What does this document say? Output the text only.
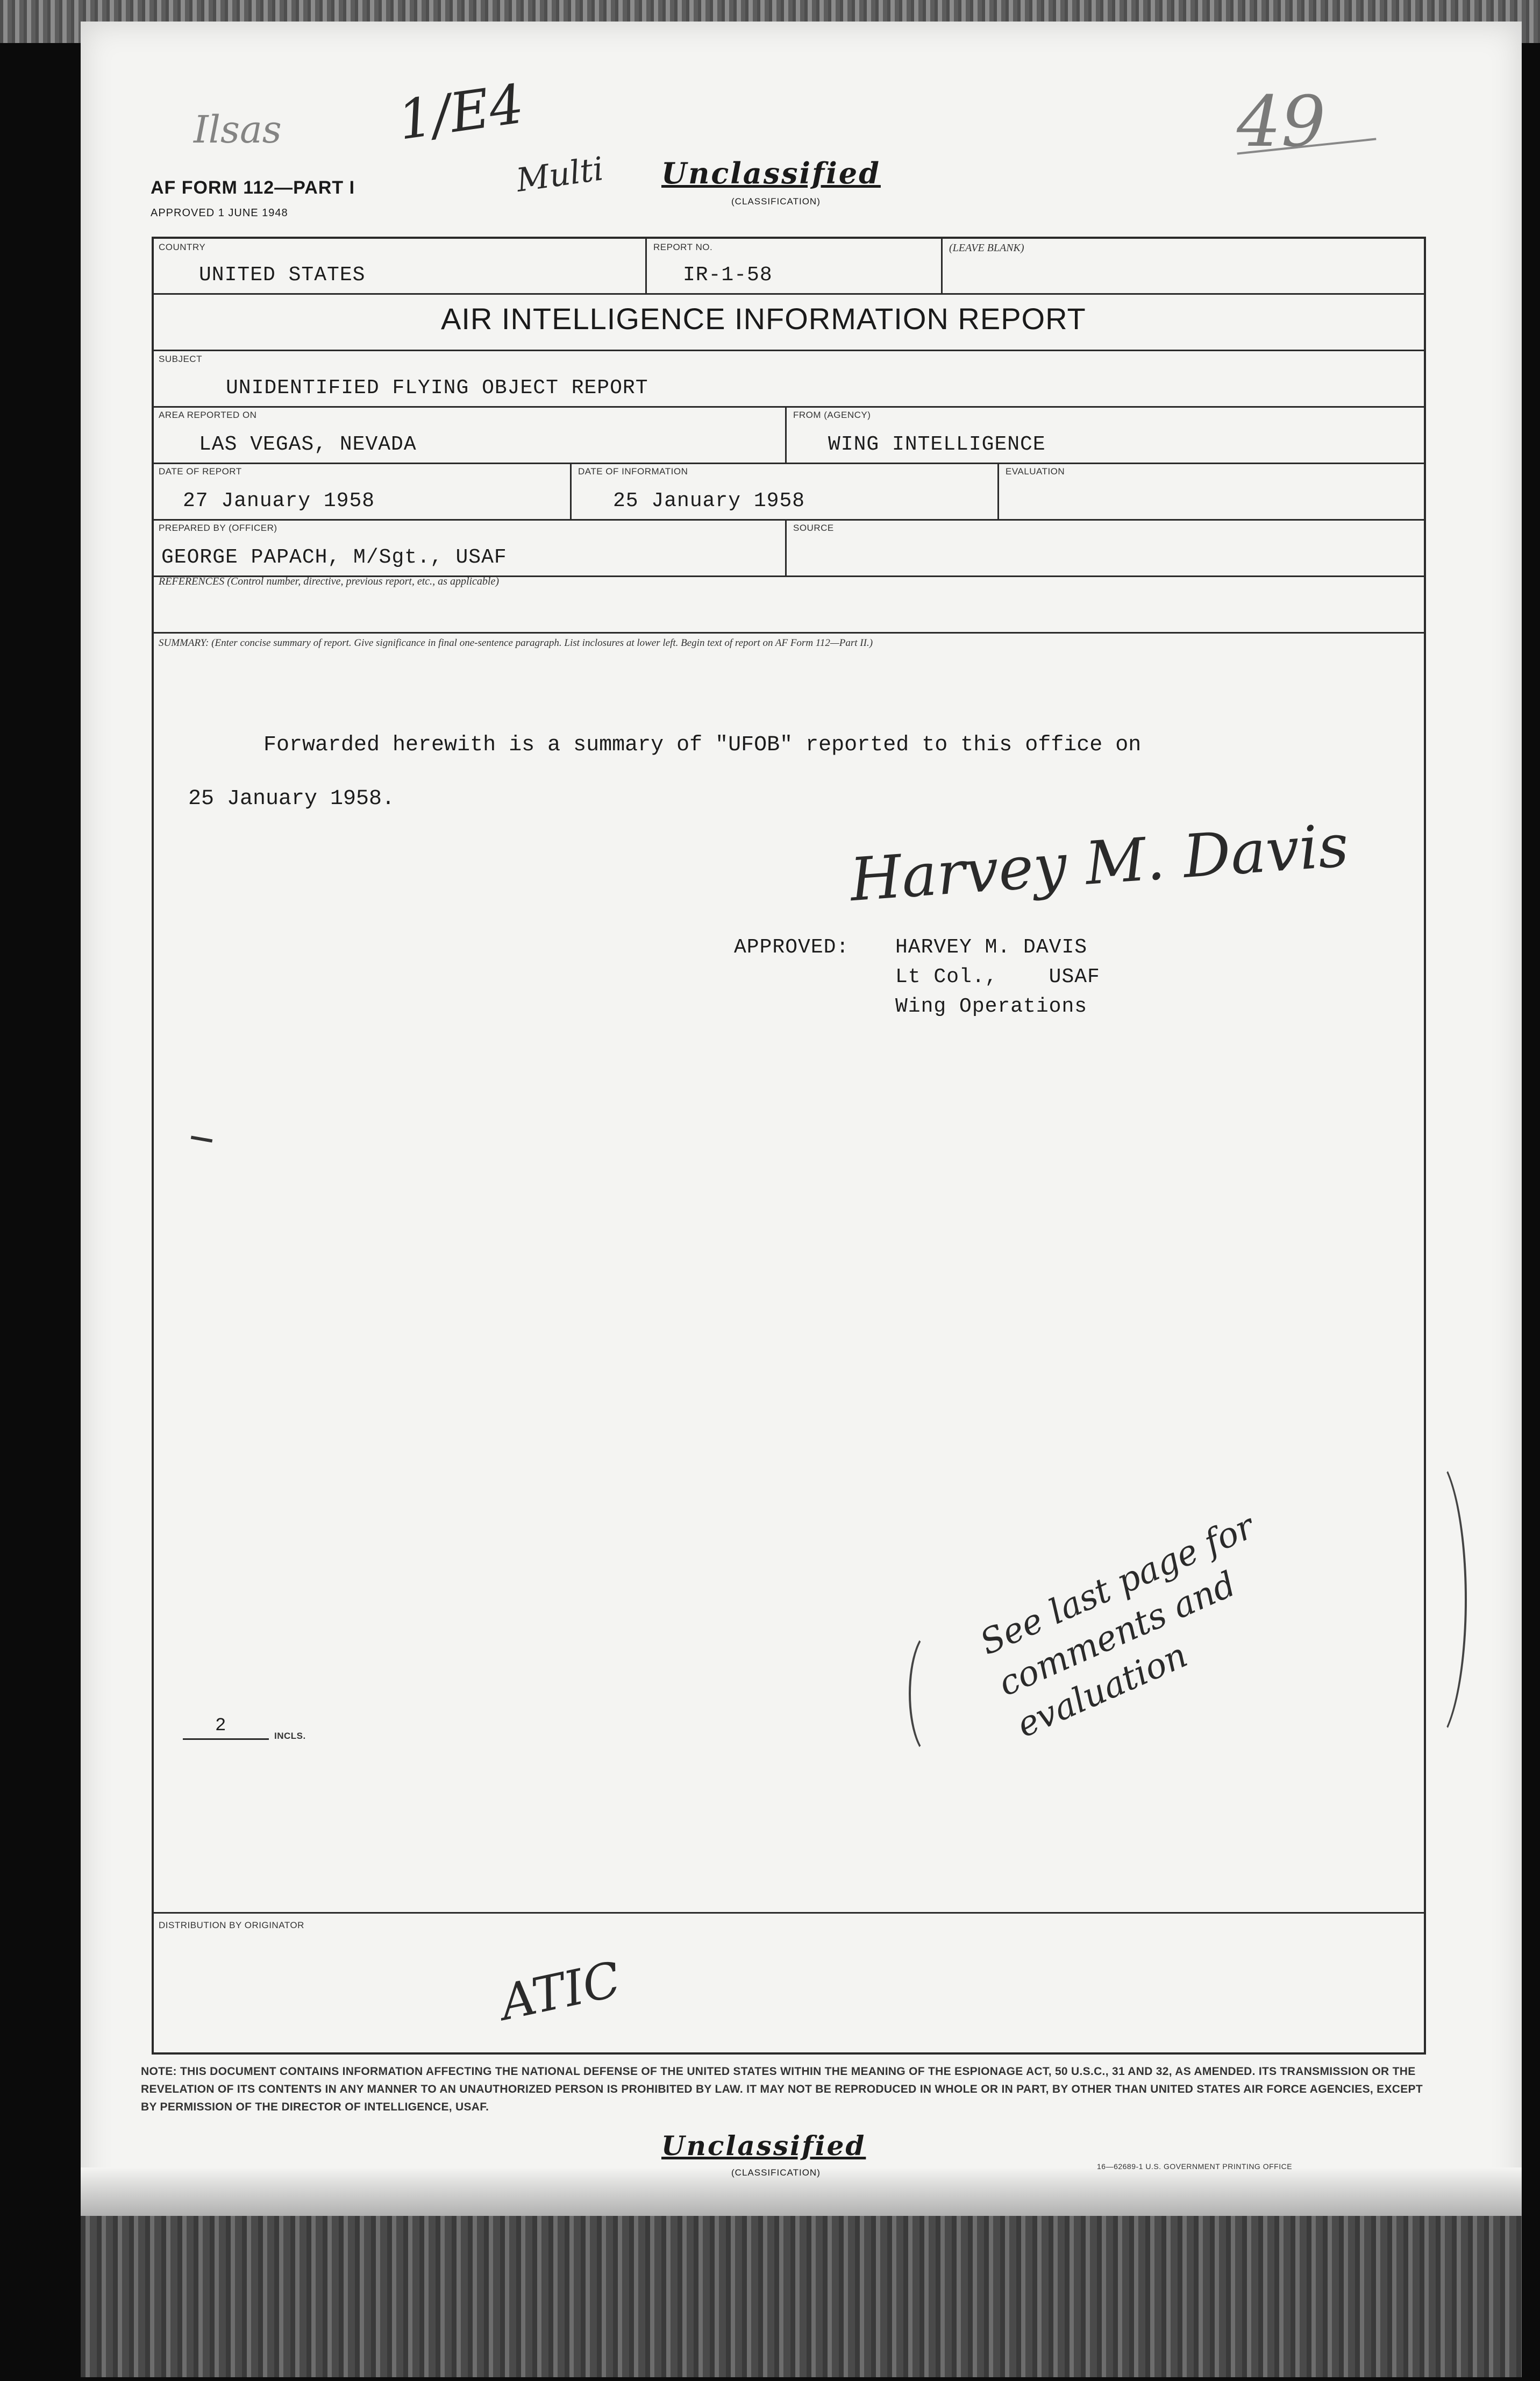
Ilsas 1/E4
Multi
49
AF FORM 112—PART I
APPROVED 1 JUNE 1948
Unclassified
(CLASSIFICATION)
COUNTRY
UNITED STATES
REPORT NO.
IR-1-58
(LEAVE BLANK)
AIR INTELLIGENCE INFORMATION REPORT
SUBJECT
UNIDENTIFIED FLYING OBJECT REPORT
AREA REPORTED ON
LAS VEGAS, NEVADA
FROM (AGENCY)
WING INTELLIGENCE
DATE OF REPORT
27 January 1958
DATE OF INFORMATION
25 January 1958
EVALUATION
PREPARED BY (OFFICER)
GEORGE PAPACH, M/Sgt., USAF
SOURCE
REFERENCES (Control number, directive, previous report, etc., as applicable)
SUMMARY: (Enter concise summary of report. Give significance in final one-sentence paragraph. List inclosures at lower left. Begin text of report on AF Form 112—Part II.)
Forwarded herewith is a summary of "UFOB" reported to this office on
25 January 1958.
Harvey M. Davis
APPROVED: HARVEY M. DAVIS
Lt Col.,    USAF
Wing Operations
See last page for comments and evaluation
2	INCLS.
DISTRIBUTION BY ORIGINATOR
ATIC
NOTE: THIS DOCUMENT CONTAINS INFORMATION AFFECTING THE NATIONAL DEFENSE OF THE UNITED STATES WITHIN THE MEANING OF THE ESPIONAGE ACT, 50 U.S.C., 31 AND 32, AS AMENDED. ITS TRANSMISSION OR THE REVELATION OF ITS CONTENTS IN ANY MANNER TO AN UNAUTHORIZED PERSON IS PROHIBITED BY LAW. IT MAY NOT BE REPRODUCED IN WHOLE OR IN PART, BY OTHER THAN UNITED STATES AIR FORCE AGENCIES, EXCEPT BY PERMISSION OF THE DIRECTOR OF INTELLIGENCE, USAF.
Unclassified
(CLASSIFICATION)
16—62689-1 U.S. GOVERNMENT PRINTING OFFICE
